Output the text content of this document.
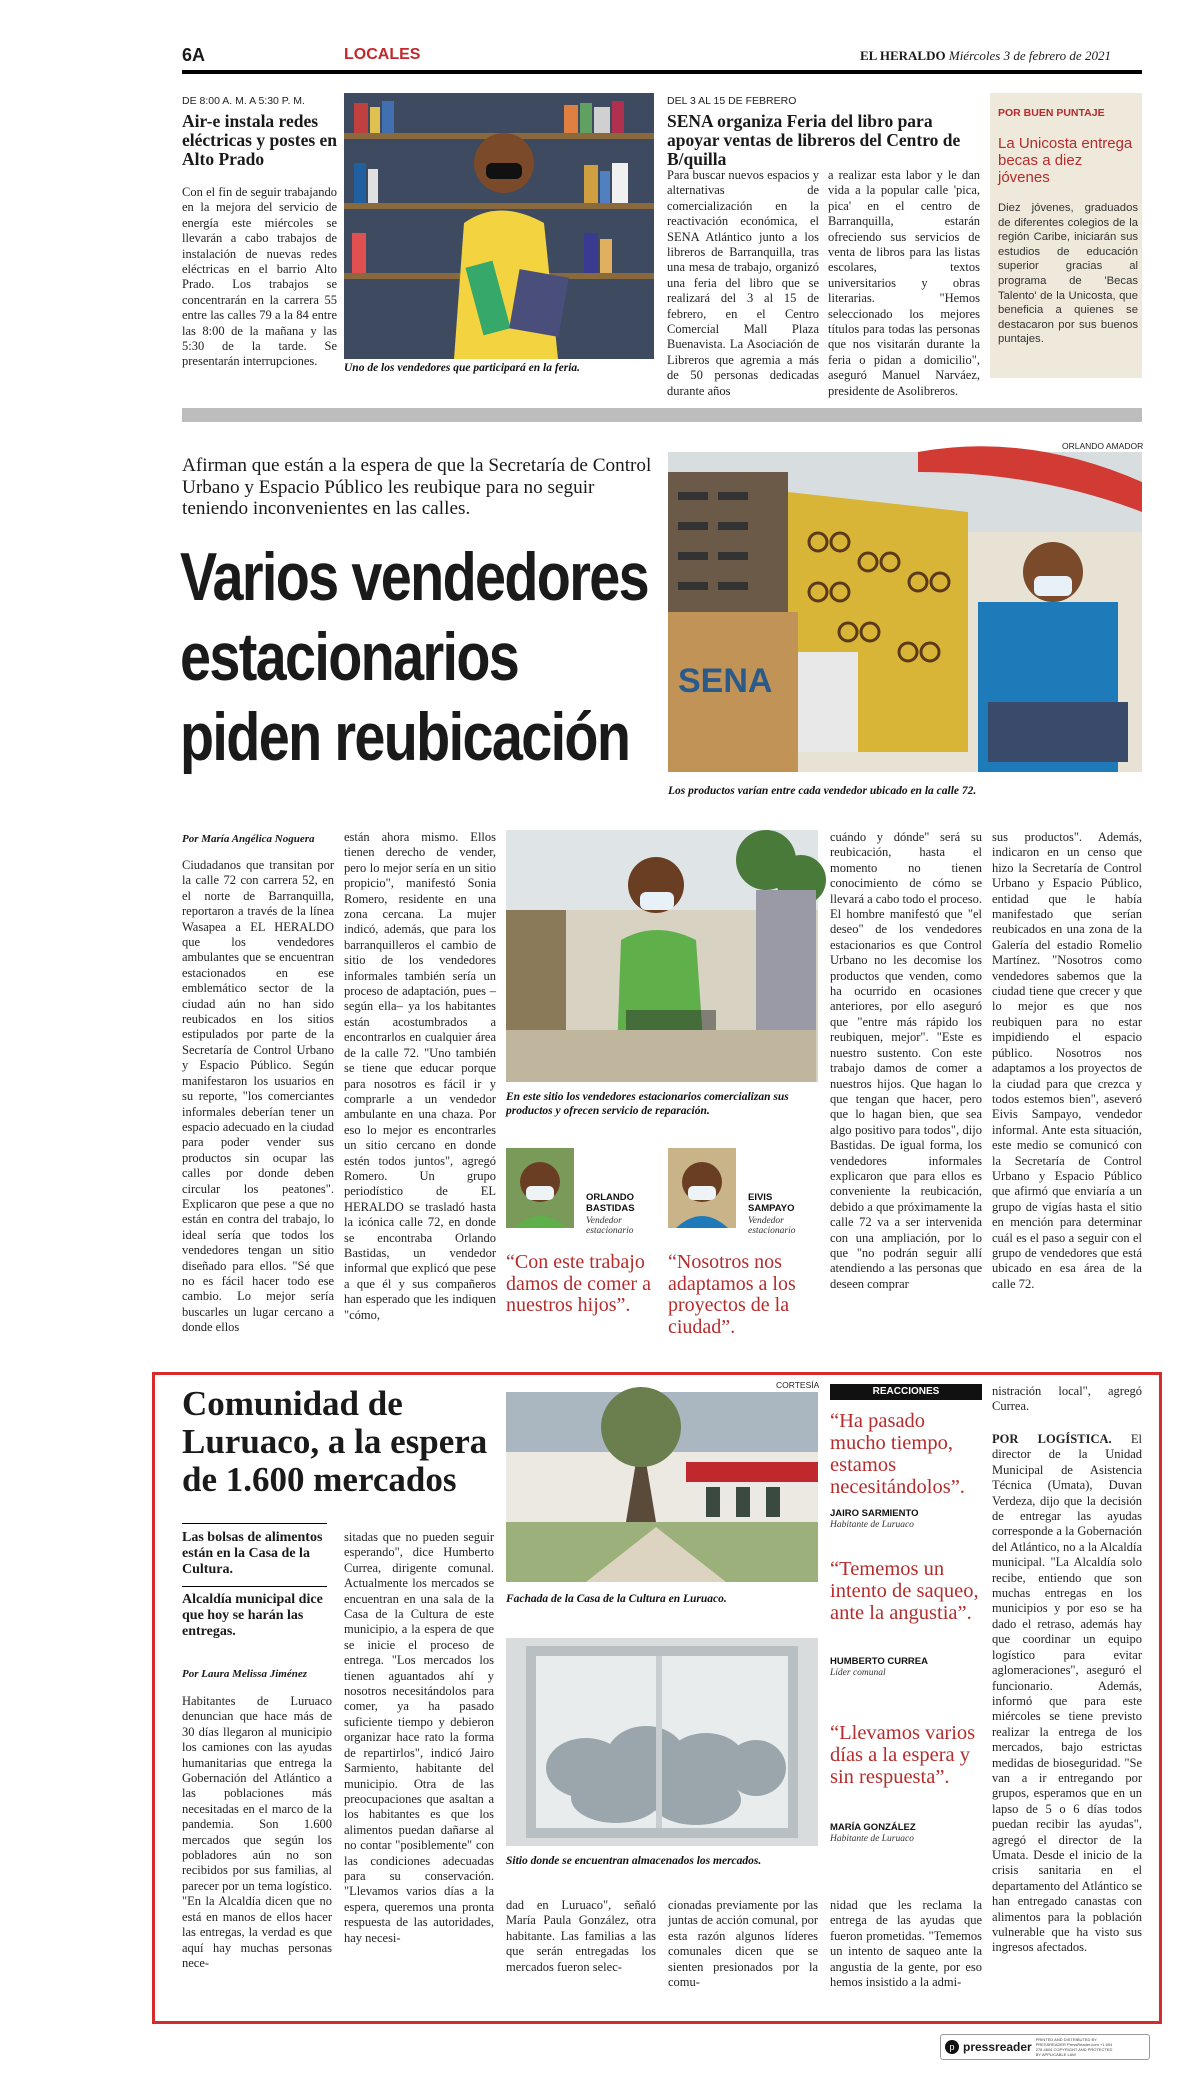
6A	LOCALES	EL HERALDO Miércoles 3 de febrero de 2021
DE 8:00 A. M. A 5:30 P. M.
Air-e instala redes eléctricas y postes en Alto Prado
Con el fin de seguir trabajando en la mejora del servicio de energía este miércoles se llevarán a cabo trabajos de instalación de nuevas redes eléctricas en el barrio Alto Prado. Los trabajos se concentrarán en la carrera 55 entre las calles 79 a la 84 entre las 8:00 de la mañana y las 5:30 de la tarde. Se presentarán interrupciones.	Uno de los vendedores que participará en la feria.
DEL 3 AL 15 DE FEBRERO
SENA organiza Feria del libro para apoyar ventas de libreros del Centro de B/quilla
Para buscar nuevos espacios y alternativas de comercialización en la reactivación económica, el SENA Atlántico junto a los libreros de Barranquilla, tras una mesa de trabajo, organizó una feria del libro que se realizará del 3 al 15 de febrero, en el Centro Comercial Mall Plaza Buenavista. La Asociación de Libreros que agremia a más de 50 personas dedicadas durante años
a realizar esta labor y le dan vida a la popular calle 'pica, pica' en el centro de Barranquilla, estarán ofreciendo sus servicios de venta de libros para las listas escolares, textos universitarios y obras literarias. "Hemos seleccionado los mejores títulos para todas las personas que nos visitarán durante la feria o pidan a domicilio", aseguró Manuel Narváez, presidente de Asolibreros.
POR BUEN PUNTAJE
La Unicosta entrega becas a diez jóvenes
Diez jóvenes, graduados de diferentes colegios de la región Caribe, iniciarán sus estudios de educación superior gracias al programa de 'Becas Talento' de la Unicosta, que beneficia a quienes se destacaron por sus buenos puntajes.
Afirman que están a la espera de que la Secretaría de Control Urbano y Espacio Público les reubique para no seguir teniendo inconvenientes en las calles.
Varios vendedores
estacionarios
piden reubicación
ORLANDO AMADOR
SENA
Los productos varían entre cada vendedor ubicado en la calle 72.
Por María Angélica Noguera
Ciudadanos que transitan por la calle 72 con carrera 52, en el norte de Barranquilla, reportaron a través de la línea Wasapea a EL HERALDO que los vendedores ambulantes que se encuentran estacionados en ese emblemático sector de la ciudad aún no han sido reubicados en los sitios estipulados por parte de la Secretaría de Control Urbano y Espacio Público. Según manifestaron los usuarios en su reporte, "los comerciantes informales deberían tener un espacio adecuado en la ciudad para poder vender sus productos sin ocupar las calles por donde deben circular los peatones". Explicaron que pese a que no están en contra del trabajo, lo ideal sería que todos los vendedores tengan un sitio diseñado para ellos. "Sé que no es fácil hacer todo ese cambio. Lo mejor sería buscarles un lugar cercano a donde ellos
están ahora mismo. Ellos tienen derecho de vender, pero lo mejor sería en un sitio propicio", manifestó Sonia Romero, residente en una zona cercana. La mujer indicó, además, que para los barranquilleros el cambio de sitio de los vendedores informales también sería un proceso de adaptación, pues –según ella– ya los habitantes están acostumbrados a encontrarlos en cualquier área de la calle 72. "Uno también se tiene que educar porque para nosotros es fácil ir y comprarle a un vendedor ambulante en una chaza. Por eso lo mejor es encontrarles un sitio cercano en donde estén todos juntos", agregó Romero. Un grupo periodístico de EL HERALDO se trasladó hasta la icónica calle 72, en donde se encontraba Orlando Bastidas, un vendedor informal que explicó que pese a que él y sus compañeros han esperado que les indiquen "cómo,
En este sitio los vendedores estacionarios comercializan sus productos y ofrecen servicio de reparación.
ORLANDO BASTIDAS
Vendedor estacionario
“Con este trabajo damos de comer a nuestros hijos”.
EIVIS SAMPAYO
Vendedor estacionario
“Nosotros nos adaptamos a los proyectos de la ciudad”.
cuándo y dónde" será su reubicación, hasta el momento no tienen conocimiento de cómo se llevará a cabo todo el proceso. El hombre manifestó que "el deseo" de los vendedores estacionarios es que Control Urbano no les decomise los productos que venden, como ha ocurrido en ocasiones anteriores, por ello aseguró que "entre más rápido los reubiquen, mejor". "Este es nuestro sustento. Con este trabajo damos de comer a nuestros hijos. Que hagan lo que tengan que hacer, pero que lo hagan bien, que sea algo positivo para todos", dijo Bastidas. De igual forma, los vendedores informales explicaron que para ellos es conveniente la reubicación, debido a que próximamente la calle 72 va a ser intervenida con una ampliación, por lo que "no podrán seguir allí atendiendo a las personas que deseen comprar
sus productos". Además, indicaron en un censo que hizo la Secretaría de Control Urbano y Espacio Público, entidad que le había manifestado que serían reubicados en una zona de la Galería del estadio Romelio Martínez. "Nosotros como vendedores sabemos que la ciudad tiene que crecer y que lo mejor es que nos reubiquen para no estar impidiendo el espacio público. Nosotros nos adaptamos a los proyectos de la ciudad para que crezca y todos estemos bien", aseveró Eivis Sampayo, vendedor informal. Ante esta situación, este medio se comunicó con la Secretaría de Control Urbano y Espacio Público que afirmó que enviaría a un grupo de vigías hasta el sitio en mención para determinar cuál es el paso a seguir con el grupo de vendedores que está ubicado en esa área de la calle 72.
Comunidad de Luruaco, a la espera de 1.600 mercados
Las bolsas de alimentos están en la Casa de la Cultura.
Alcaldía municipal dice que hoy se harán las entregas.
Por Laura Melissa Jiménez
Habitantes de Luruaco denuncian que hace más de 30 días llegaron al municipio los camiones con las ayudas humanitarias que entrega la Gobernación del Atlántico a las poblaciones más necesitadas en el marco de la pandemia. Son 1.600 mercados que según los pobladores aún no son recibidos por sus familias, al parecer por un tema logístico. "En la Alcaldía dicen que no está en manos de ellos hacer las entregas, la verdad es que aquí hay muchas personas nece-
sitadas que no pueden seguir esperando", dice Humberto Currea, dirigente comunal. Actualmente los mercados se encuentran en una sala de la Casa de la Cultura de este municipio, a la espera de que se inicie el proceso de entrega. "Los mercados los tienen aguantados ahí y nosotros necesitándolos para comer, ya ha pasado suficiente tiempo y debieron organizar hace rato la forma de repartirlos", indicó Jairo Sarmiento, habitante del municipio. Otra de las preocupaciones que asaltan a los habitantes es que los alimentos puedan dañarse al no contar "posiblemente" con las condiciones adecuadas para su conservación. "Llevamos varios días a la espera, queremos una pronta respuesta de las autoridades, hay necesi-
CORTESÍA
Fachada de la Casa de la Cultura en Luruaco.
Sitio donde se encuentran almacenados los mercados.
dad en Luruaco", señaló María Paula González, otra habitante. Las familias a las que serán entregadas los mercados fueron selec-
cionadas previamente por las juntas de acción comunal, por esta razón algunos líderes comunales dicen que se sienten presionados por la comu-
REACCIONES
“Ha pasado mucho tiempo, estamos necesitándolos”.
JAIRO SARMIENTO
Habitante de Luruaco
“Tememos un intento de saqueo, ante la angustia”.
HUMBERTO CURREA
Líder comunal
“Llevamos varios días a la espera y sin respuesta”.
MARÍA GONZÁLEZ
Habitante de Luruaco
nidad que les reclama la entrega de las ayudas que fueron prometidas. "Tememos un intento de saqueo ante la angustia de la gente, por eso hemos insistido a la admi-
nistración local", agregó Currea.
POR LOGÍSTICA. El director de la Unidad Municipal de Asistencia Técnica (Umata), Duvan Verdeza, dijo que la decisión de entregar las ayudas corresponde a la Gobernación del Atlántico, no a la Alcaldía municipal. "La Alcaldía solo recibe, entiendo que son muchas entregas en los municipios y por eso se ha dado el retraso, además hay que coordinar un equipo logístico para evitar aglomeraciones", aseguró el funcionario. Además, informó que para este miércoles se tiene previsto realizar la entrega de los mercados, bajo estrictas medidas de bioseguridad. "Se van a ir entregando por grupos, esperamos que en un lapso de 5 o 6 días todos puedan recibir las ayudas", agregó el director de la Umata. Desde el inicio de la crisis sanitaria en el departamento del Atlántico se han entregado canastas con alimentos para la población vulnerable que ha visto sus ingresos afectados.
p pressreader
PRINTED AND DISTRIBUTED BY PRESSREADER PressReader.com +1 604 278 4604 COPYRIGHT AND PROTECTED BY APPLICABLE LAW
